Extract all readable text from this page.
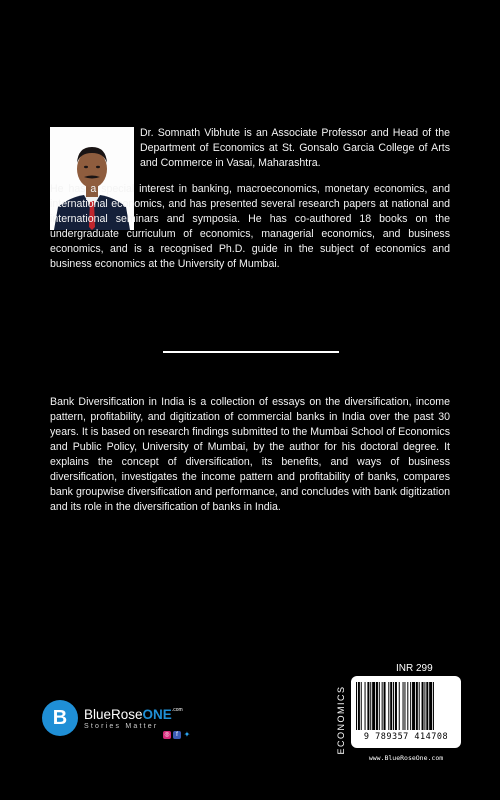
Dr. Somnath Vibhute is an Associate Professor and Head of the Department of Economics at St. Gonsalo Garcia College of Arts and Commerce in Vasai, Maharashtra.

He has a special interest in banking, macroeconomics, monetary economics, and international economics, and has presented several research papers at national and international seminars and symposia. He has co-authored 18 books on the undergraduate curriculum of economics, managerial economics, and business economics, and is a recognised Ph.D. guide in the subject of economics and business economics at the University of Mumbai.

Bank Diversification in India is a collection of essays on the diversification, income pattern, profitability, and digitization of commercial banks in India over the past 30 years. It is based on research findings submitted to the Mumbai School of Economics and Public Policy, University of Mumbai, by the author for his doctoral degree. It explains the concept of diversification, its benefits, and ways of business diversification, investigates the income pattern and profitability of banks, compares bank groupwise diversification and performance, and concludes with bank digitization and its role in the diversification of banks in India.

INR 299
ECONOMICS	9 789357 414708
www.BlueRoseOne.com
B	BlueRoseONE$^{.com}$
Stories Matter
◎ f ✦
